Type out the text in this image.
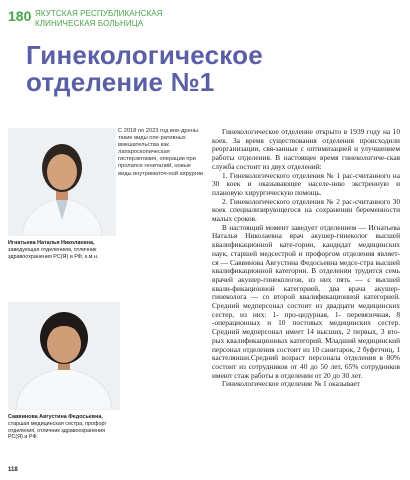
180 ЯКУТСКАЯ РЕСПУБЛИКАНСКАЯ
КЛИНИЧЕСКАЯ БОЛЬНИЦА
Гинекологическое
отделение №1
С 2018 по 2023 год вне-дрены такие виды опе-ративных вмешательства как лапароскопическая гистерэктомия, операции при пролапсе гениталий, новые виды внутриматоч-ной хирургии
Игнатьева Наталья Николаевна,
заведующая отделением, отличник здравоохранения РС(Я) и РФ, к.м.н.
Саввинова Августина Федосьевна,
старшая медицинская сестра, профорг отделения, отличник здравоохранения РС(Я) и РФ.

Гинекологическое отделение открыто в 1939 году на 10 коек. За время существования отделения происходили реорганизации, свя-занные с оптимизацией и улучшением работы отделения. В настоящее время гинекологиче-ская служба состоит из двух отделений:

1. Гинекологического отделения № 1 рас-считанного на 30 коек и оказывающее населе-нию экстренную и плановую хирургическую помощь.

2. Гинекологического отделения № 2 рас-считанного 30 коек специализирующегося на сохранении беременности малых сроков.

В настоящий момент заведует отделением — Игнатьева Наталья Николаевна врач акушер-гинеколог высшей квалификационной кате-гории, кандидат медицинских наук, старшей медсестрой и профоргом отделения являет-ся — Саввинова Августина Федосьевна медсе-стра высшей квалификационной категории. В отделении трудится семь врачей акушер-гинекологов, из них пять — с высшей квали-фикационной категорией, два врача акушер-гинеколога — со второй квалификационной категорией. Средний медперсонал состоит из двадцати медицинских сестер, из них: 1- про-цедурная, 1- перевязочная, 8 -операционных и 10 постовых медицинских сестер. Средний медперсонал имеет 14 высших, 2 первых, 3 вто-рых квалификационных категорий. Младший медицинский персонал отделения состоит из 10 санитарок, 2 буфетчиц, 1 кастелянши.Средний возраст персонала отделения в 80% состоит из сотрудников от 40 до 50 лет, 65% сотрудников имеют стаж работы в отделении от 20 до 30 лет.

Гинекологическое отделение № 1 оказывает

118
